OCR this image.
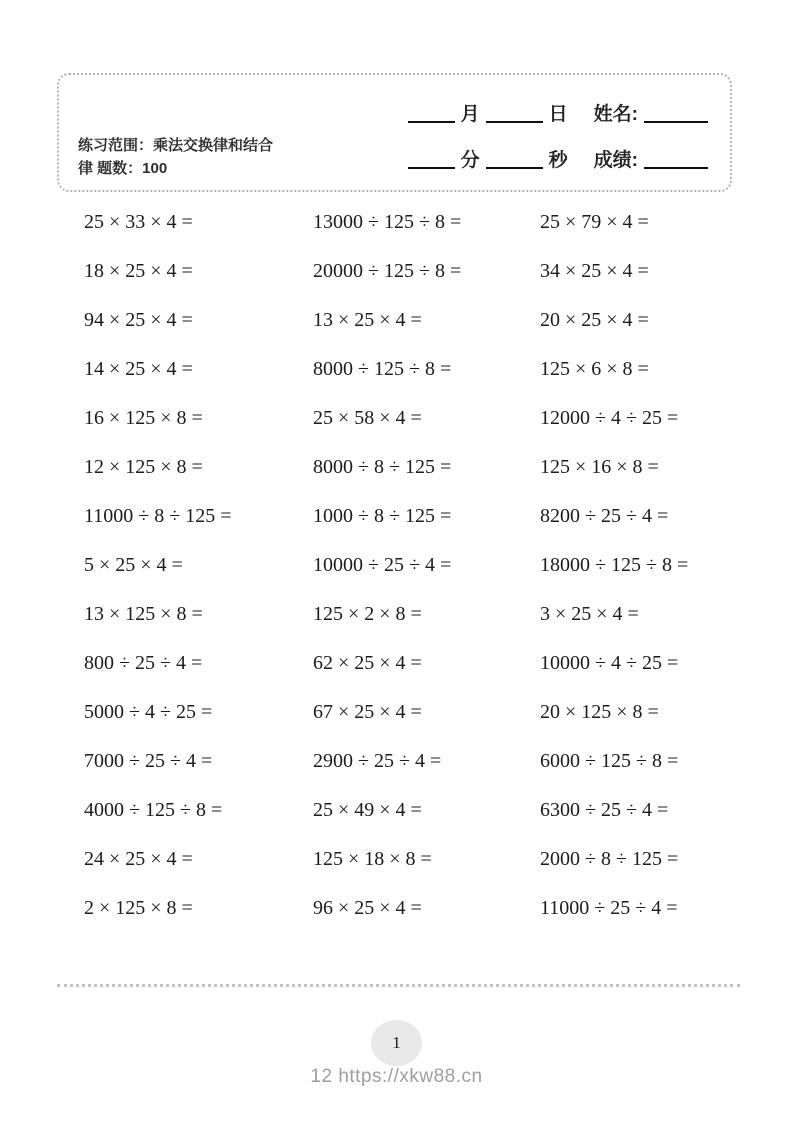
练习范围：乘法交换律和结合
律 题数：100
月	日 姓名:
分	秒 成绩:
25 × 33 × 4 =	13000 ÷ 125 ÷ 8 =	25 × 79 × 4 =
18 × 25 × 4 =	20000 ÷ 125 ÷ 8 =	34 × 25 × 4 =
94 × 25 × 4 =	13 × 25 × 4 =	20 × 25 × 4 =
14 × 25 × 4 =	8000 ÷ 125 ÷ 8 =	125 × 6 × 8 =
16 × 125 × 8 =	25 × 58 × 4 =	12000 ÷ 4 ÷ 25 =
12 × 125 × 8 =	8000 ÷ 8 ÷ 125 =	125 × 16 × 8 =
11000 ÷ 8 ÷ 125 =	1000 ÷ 8 ÷ 125 =	8200 ÷ 25 ÷ 4 =
5 × 25 × 4 =	10000 ÷ 25 ÷ 4 =	18000 ÷ 125 ÷ 8 =
13 × 125 × 8 =	125 × 2 × 8 =	3 × 25 × 4 =
800 ÷ 25 ÷ 4 =	62 × 25 × 4 =	10000 ÷ 4 ÷ 25 =
5000 ÷ 4 ÷ 25 =	67 × 25 × 4 =	20 × 125 × 8 =
7000 ÷ 25 ÷ 4 =	2900 ÷ 25 ÷ 4 =	6000 ÷ 125 ÷ 8 =
4000 ÷ 125 ÷ 8 =	25 × 49 × 4 =	6300 ÷ 25 ÷ 4 =
24 × 25 × 4 =	125 × 18 × 8 =	2000 ÷ 8 ÷ 125 =
2 × 125 × 8 =	96 × 25 × 4 =	11000 ÷ 25 ÷ 4 =
1
12 https://xkw88.cn
